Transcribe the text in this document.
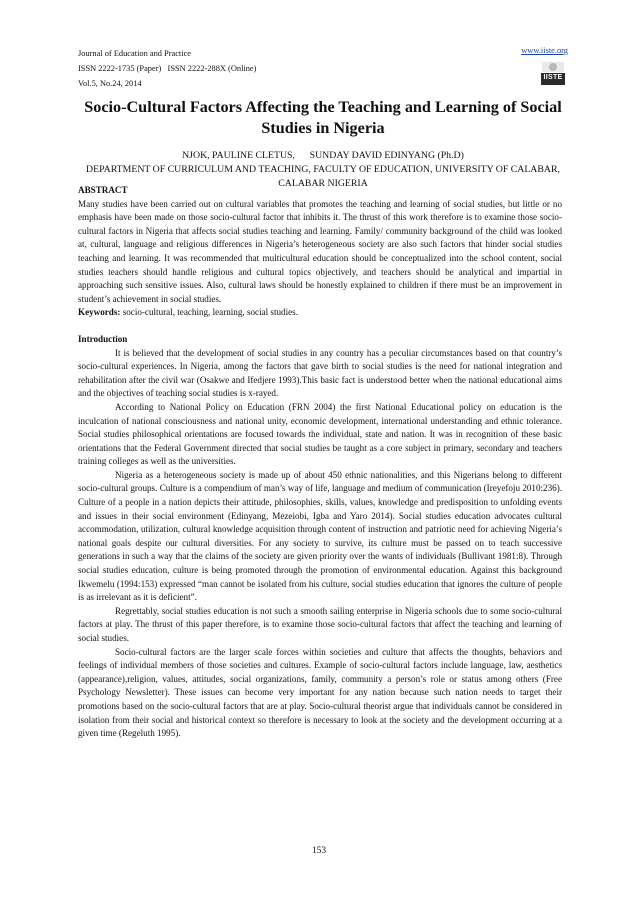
Journal of Education and Practice
ISSN 2222-1735 (Paper)   ISSN 2222-288X (Online)
Vol.5, No.24, 2014
www.iiste.org
IISTE
Socio-Cultural Factors Affecting the Teaching and Learning of Social Studies in Nigeria
NJOK, PAULINE CLETUS,      SUNDAY DAVID EDINYANG (Ph.D)
DEPARTMENT OF CURRICULUM AND TEACHING, FACULTY OF EDUCATION, UNIVERSITY OF CALABAR, CALABAR NIGERIA
ABSTRACT

Many studies have been carried out on cultural variables that promotes the teaching and learning of social studies, but little or no emphasis have been made on those socio-cultural factor that inhibits it. The thrust of this work therefore is to examine those socio-cultural factors in Nigeria that affects social studies teaching and learning. Family/ community background of the child was looked at, cultural, language and religious differences in Nigeria’s heterogeneous society are also such factors that hinder social studies teaching and learning. It was recommended that multicultural education should be conceptualized into the school content, social studies teachers should handle religious and cultural topics objectively, and teachers should be analytical and impartial in approaching such sensitive issues. Also, cultural laws should be honestly explained to children if there must be an improvement in student’s achievement in social studies.

Keywords: socio-cultural, teaching, learning, social studies.

Introduction

It is believed that the development of social studies in any country has a peculiar circumstances based on that country’s socio-cultural experiences. In Nigeria, among the factors that gave birth to social studies is the need for national integration and rehabilitation after the civil war (Osakwe and Ifedjere 1993).This basic fact is understood better when the national educational aims and the objectives of teaching social studies is x-rayed.

According to National Policy on Education (FRN 2004) the first National Educational policy on education is the inculcation of national consciousness and national unity, economic development, international understanding and ethnic tolerance. Social studies philosophical orientations are focused towards the individual, state and nation. It was in recognition of these basic orientations that the Federal Government directed that social studies be taught as a core subject in primary, secondary and teachers training colleges as well as the universities.

Nigeria as a heterogeneous society is made up of about 450 ethnic nationalities, and this Nigerians belong to different socio-cultural groups. Culture is a compendium of man’s way of life, language and medium of communication (Ireyefoju 2010:236). Culture of a people in a nation depicts their attitude, philosophies, skills, values, knowledge and predisposition to unfolding events and issues in their social environment (Edinyang, Mezeiobi, Igba and Yaro 2014). Social studies education advocates cultural accommodation, utilization, cultural knowledge acquisition through content of instruction and patriotic need for achieving Nigeria’s national goals despite our cultural diversities. For any society to survive, its culture must be passed on to teach successive generations in such a way that the claims of the society are given priority over the wants of individuals (Bullivant 1981:8). Through social studies education, culture is being promoted through the promotion of environmental education. Against this background Ikwemelu (1994:153) expressed “man cannot be isolated from his culture, social studies education that ignores the culture of people is as irrelevant as it is deficient”.

Regrettably, social studies education is not such a smooth sailing enterprise in Nigeria schools due to some socio-cultural factors at play. The thrust of this paper therefore, is to examine those socio-cultural factors that affect the teaching and learning of social studies.

Socio-cultural factors are the larger scale forces within societies and culture that affects the thoughts, behaviors and feelings of individual members of those societies and cultures. Example of socio-cultural factors include language, law, aesthetics (appearance),religion, values, attitudes, social organizations, family, community a person’s role or status among others (Free Psychology Newsletter). These issues can become very important for any nation because such nation needs to target their promotions based on the socio-cultural factors that are at play. Socio-cultural theorist argue that individuals cannot be considered in isolation from their social and historical context so therefore is necessary to look at the society and the development occurring at a given time (Regeluth 1995).

153
